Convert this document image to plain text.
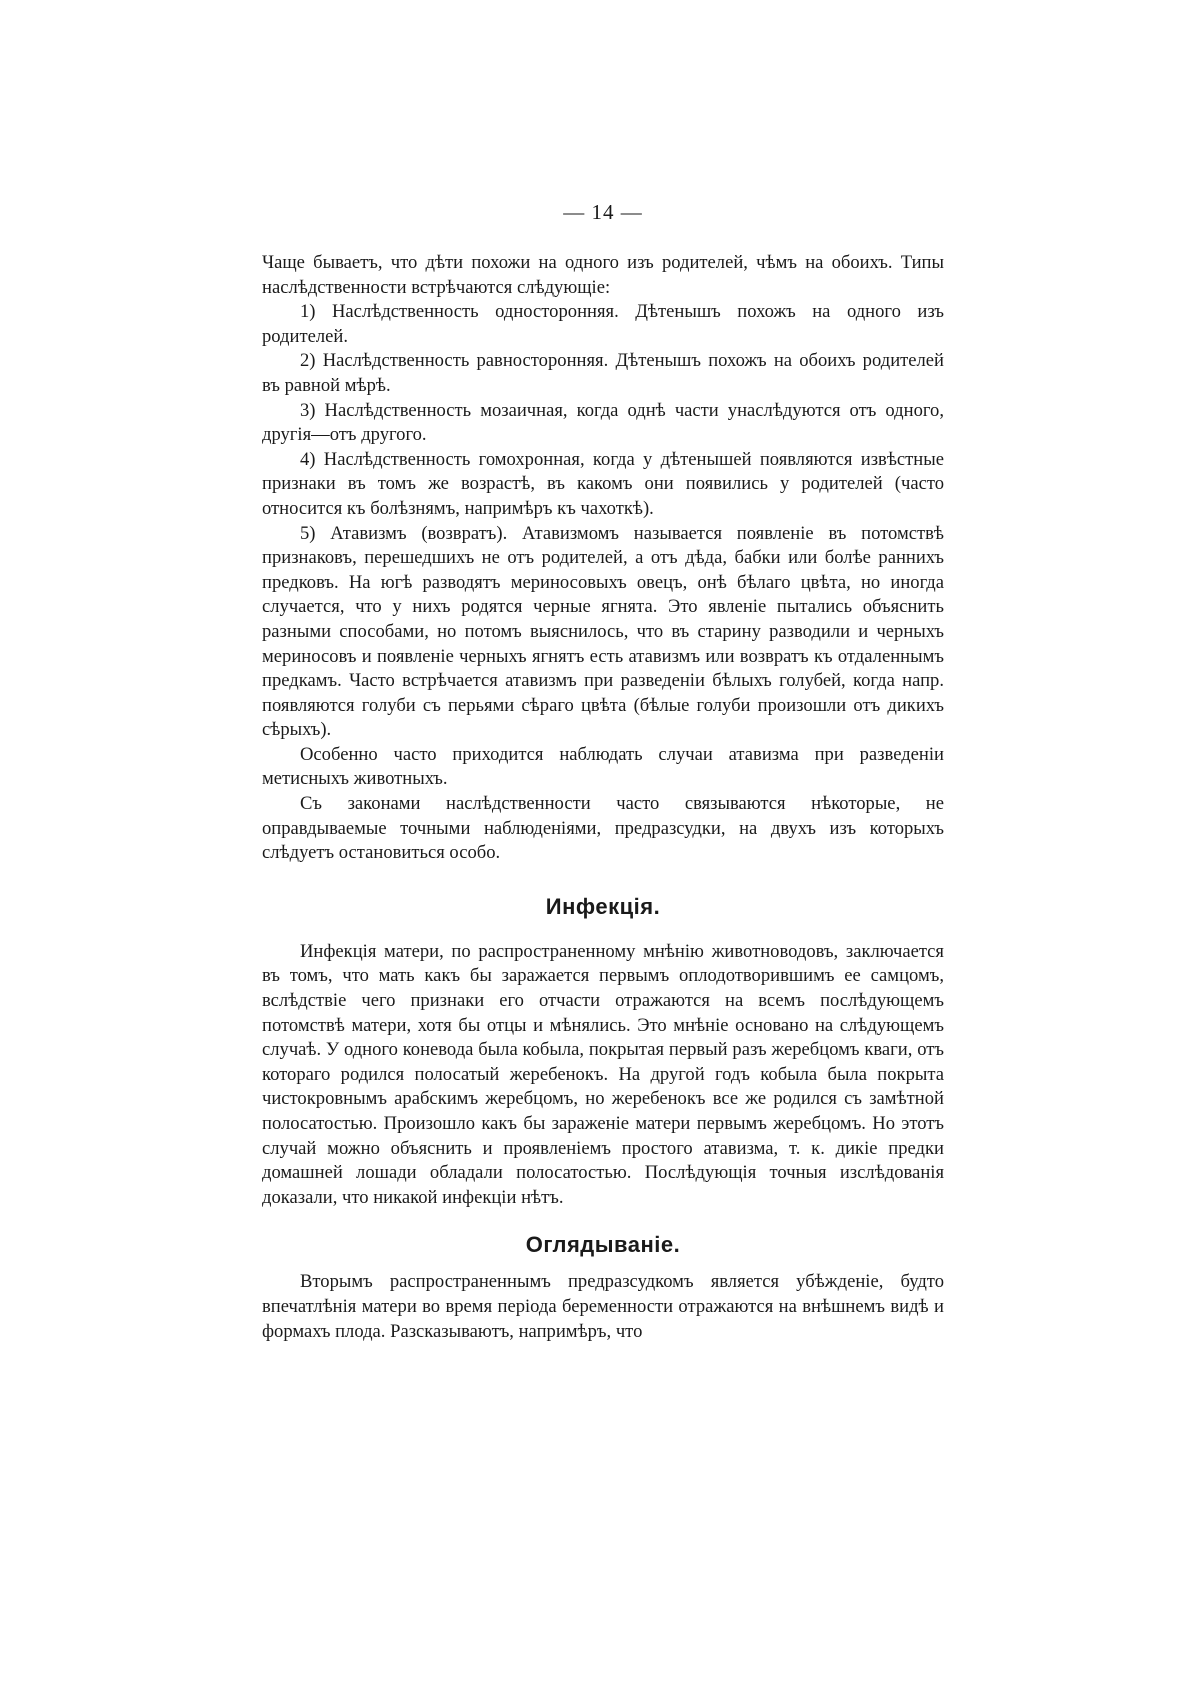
— 14 —

Чаще бываетъ, что дѣти похожи на одного изъ родителей, чѣмъ на обоихъ. Типы наслѣдственности встрѣчаются слѣдующіе:

1) Наслѣдственность односторонняя. Дѣтенышъ похожъ на одного изъ родителей.

2) Наслѣдственность равносторонняя. Дѣтенышъ похожъ на обоихъ родителей въ равной мѣрѣ.

3) Наслѣдственность мозаичная, когда однѣ части унаслѣдуются отъ одного, другія—отъ другого.

4) Наслѣдственность гомохронная, когда у дѣтенышей появляются извѣстные признаки въ томъ же возрастѣ, въ какомъ они появились у родителей (часто относится къ болѣзнямъ, напримѣръ къ чахоткѣ).

5) Атавизмъ (возвратъ). Атавизмомъ называется появленіе въ потомствѣ признаковъ, перешедшихъ не отъ родителей, а отъ дѣда, бабки или болѣе раннихъ предковъ. На югѣ разводятъ мериносовыхъ овецъ, онѣ бѣлаго цвѣта, но иногда случается, что у нихъ родятся черные ягнята. Это явленіе пытались объяснить разными способами, но потомъ выяснилось, что въ старину разводили и черныхъ мериносовъ и появленіе черныхъ ягнятъ есть атавизмъ или возвратъ къ отдаленнымъ предкамъ. Часто встрѣчается атавизмъ при разведеніи бѣлыхъ голубей, когда напр. появляются голуби съ перьями сѣраго цвѣта (бѣлые голуби произошли отъ дикихъ сѣрыхъ).

Особенно часто приходится наблюдать случаи атавизма при разведеніи метисныхъ животныхъ.

Съ законами наслѣдственности часто связываются нѣкоторые, не оправдываемые точными наблюденіями, предразсудки, на двухъ изъ которыхъ слѣдуетъ остановиться особо.

Инфекція.

Инфекція матери, по распространенному мнѣнію животноводовъ, заключается въ томъ, что мать какъ бы заражается первымъ оплодотворившимъ ее самцомъ, вслѣдствіе чего признаки его отчасти отражаются на всемъ послѣдующемъ потомствѣ матери, хотя бы отцы и мѣнялись. Это мнѣніе основано на слѣдующемъ случаѣ. У одного коневода была кобыла, покрытая первый разъ жеребцомъ кваги, отъ котораго родился полосатый жеребенокъ. На другой годъ кобыла была покрыта чистокровнымъ арабскимъ жеребцомъ, но жеребенокъ все же родился съ замѣтной полосатостью. Произошло какъ бы зараженіе матери первымъ жеребцомъ. Но этотъ случай можно объяснить и проявленіемъ простого атавизма, т. к. дикіе предки домашней лошади обладали полосатостью. Послѣдующія точныя изслѣдованія доказали, что никакой инфекціи нѣтъ.

Оглядываніе.

Вторымъ распространеннымъ предразсудкомъ является убѣжденіе, будто впечатлѣнія матери во время періода беременности отражаются на внѣшнемъ видѣ и формахъ плода. Разсказываютъ, напримѣръ, что
